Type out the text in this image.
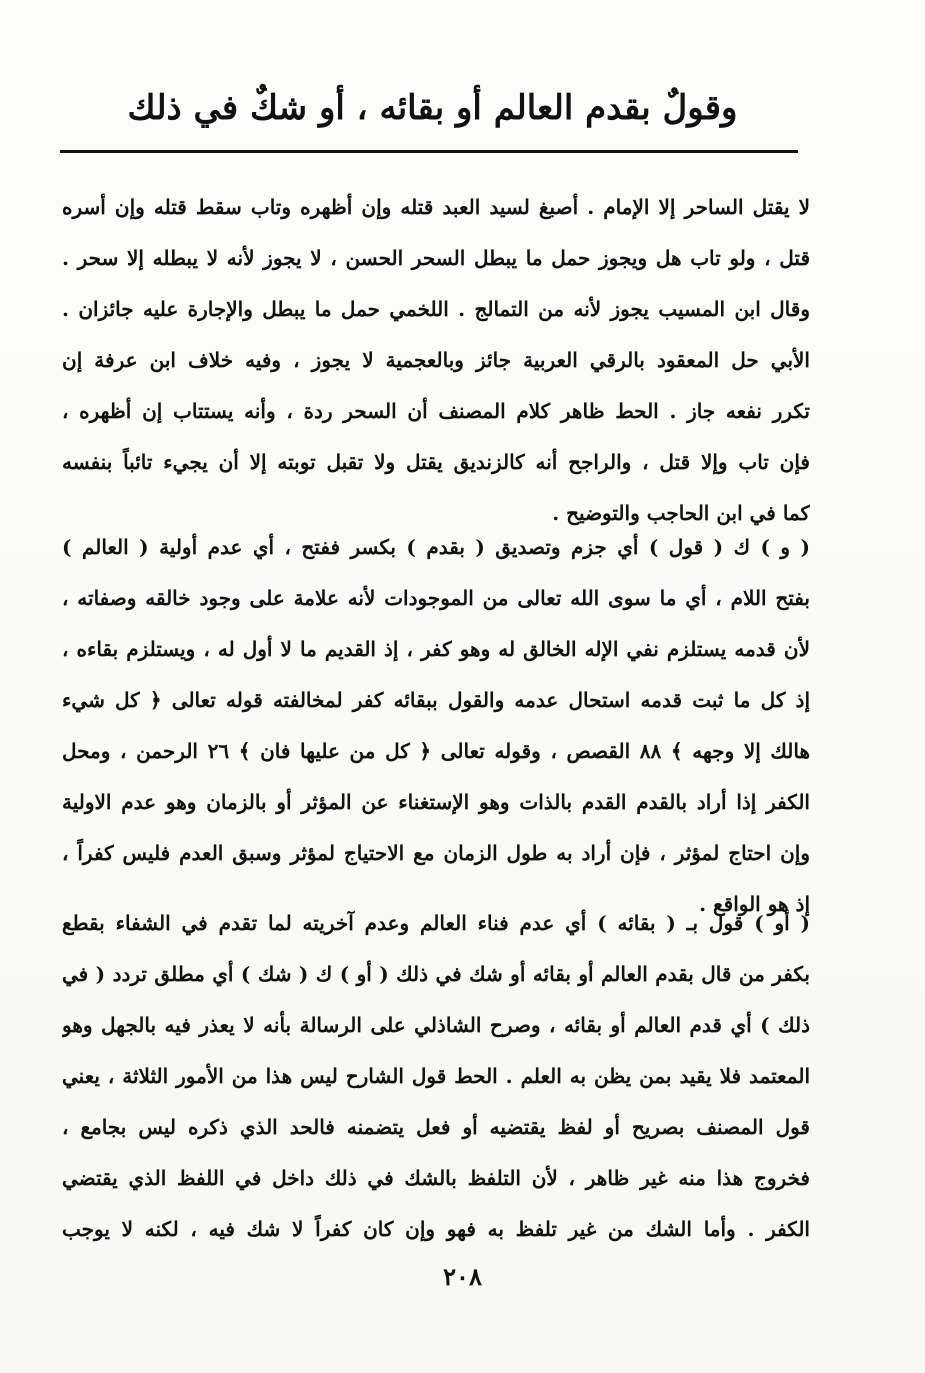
وقولٌ بقدم العالم أو بقائه ، أو شكٌ في ذلك
لا يقتل الساحر إلا الإمام . أصبغ لسيد العبد قتله وإن أظهره وتاب سقط قتله وإن أسره
قتل ، ولو تاب هل ويجوز حمل ما يبطل السحر الحسن ، لا يجوز لأنه لا يبطله إلا سحر .
وقال ابن المسيب يجوز لأنه من التمالج . اللخمي حمل ما يبطل والإجارة عليه جائزان .
الأبي حل المعقود بالرقي العربية جائز وبالعجمية لا يجوز ، وفيه خلاف ابن عرفة إن
تكرر نفعه جاز . الحط ظاهر كلام المصنف أن السحر ردة ، وأنه يستتاب إن أظهره ،
فإن تاب وإلا قتل ، والراجح أنه كالزنديق يقتل ولا تقبل توبته إلا أن يجيء تائباً بنفسه
كما في ابن الحاجب والتوضيح .
( و ) ك ( قول ) أي جزم وتصديق ( بقدم ) بكسر ففتح ، أي عدم أولية ( العالم )
بفتح اللام ، أي ما سوى الله تعالى من الموجودات لأنه علامة على وجود خالقه وصفاته ،
لأن قدمه يستلزم نفي الإله الخالق له وهو كفر ، إذ القديم ما لا أول له ، ويستلزم بقاءه ،
إذ كل ما ثبت قدمه استحال عدمه والقول ببقائه كفر لمخالفته قوله تعالى ﴿ كل شيء
هالك إلا وجهه ﴾ ٨٨ القصص ، وقوله تعالى ﴿ كل من عليها فان ﴾ ٢٦ الرحمن ، ومحل
الكفر إذا أراد بالقدم القدم بالذات وهو الإستغناء عن المؤثر أو بالزمان وهو عدم الاولية
وإن احتاج لمؤثر ، فإن أراد به طول الزمان مع الاحتياج لمؤثر وسبق العدم فليس كفراً ،
إذ هو الواقع .
( أو ) قول بـ ( بقائه ) أي عدم فناء العالم وعدم آخريته لما تقدم في الشفاء بقطع
بكفر من قال بقدم العالم أو بقائه أو شك في ذلك ( أو ) ك ( شك ) أي مطلق تردد ( في
ذلك ) أي قدم العالم أو بقائه ، وصرح الشاذلي على الرسالة بأنه لا يعذر فيه بالجهل وهو
المعتمد فلا يقيد بمن يظن به العلم . الحط قول الشارح ليس هذا من الأمور الثلاثة ، يعني
قول المصنف بصريح أو لفظ يقتضيه أو فعل يتضمنه فالحد الذي ذكره ليس بجامع ،
فخروج هذا منه غير ظاهر ، لأن التلفظ بالشك في ذلك داخل في اللفظ الذي يقتضي
الكفر . وأما الشك من غير تلفظ به فهو وإن كان كفراً لا شك فيه ، لكنه لا يوجب
٢٠٨
